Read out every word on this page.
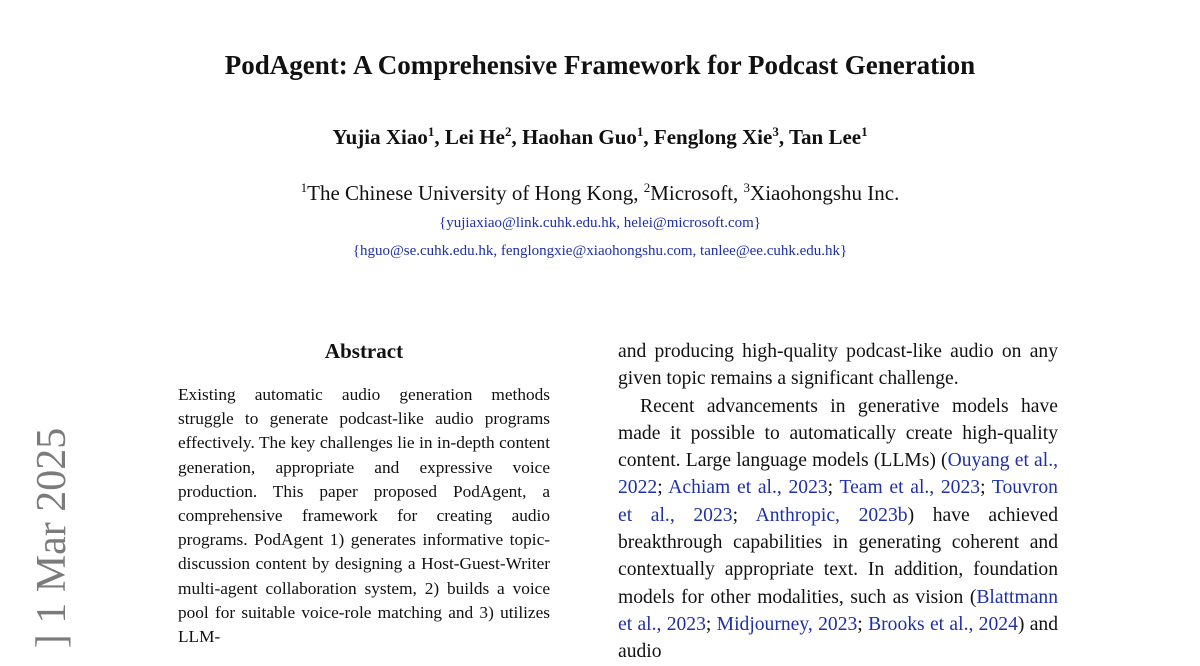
PodAgent: A Comprehensive Framework for Podcast Generation
Yujia Xiao$^1$, Lei He$^2$, Haohan Guo$^1$, Fenglong Xie$^3$, Tan Lee$^1$
$^1$The Chinese University of Hong Kong, $^2$Microsoft, $^3$Xiaohongshu Inc.
{yujiaxiao@link.cuhk.edu.hk, helei@microsoft.com}
{hguo@se.cuhk.edu.hk, fenglongxie@xiaohongshu.com, tanlee@ee.cuhk.edu.hk}
Abstract

Existing automatic audio generation methods struggle to generate podcast-like audio programs effectively. The key challenges lie in in-depth content generation, appropriate and expressive voice production. This paper proposed PodAgent, a comprehensive framework for creating audio programs. PodAgent 1) generates informative topic-discussion content by designing a Host-Guest-Writer multi-agent collaboration system, 2) builds a voice pool for suitable voice-role matching and 3) utilizes LLM-

and producing high-quality podcast-like audio on any given topic remains a significant challenge.

Recent advancements in generative models have made it possible to automatically create high-quality content. Large language models (LLMs) (Ouyang et al., 2022; Achiam et al., 2023; Team et al., 2023; Touvron et al., 2023; Anthropic, 2023b) have achieved breakthrough capabilities in generating coherent and contextually appropriate text. In addition, foundation models for other modalities, such as vision (Blattmann et al., 2023; Midjourney, 2023; Brooks et al., 2024) and audio

] 1 Mar 2025
